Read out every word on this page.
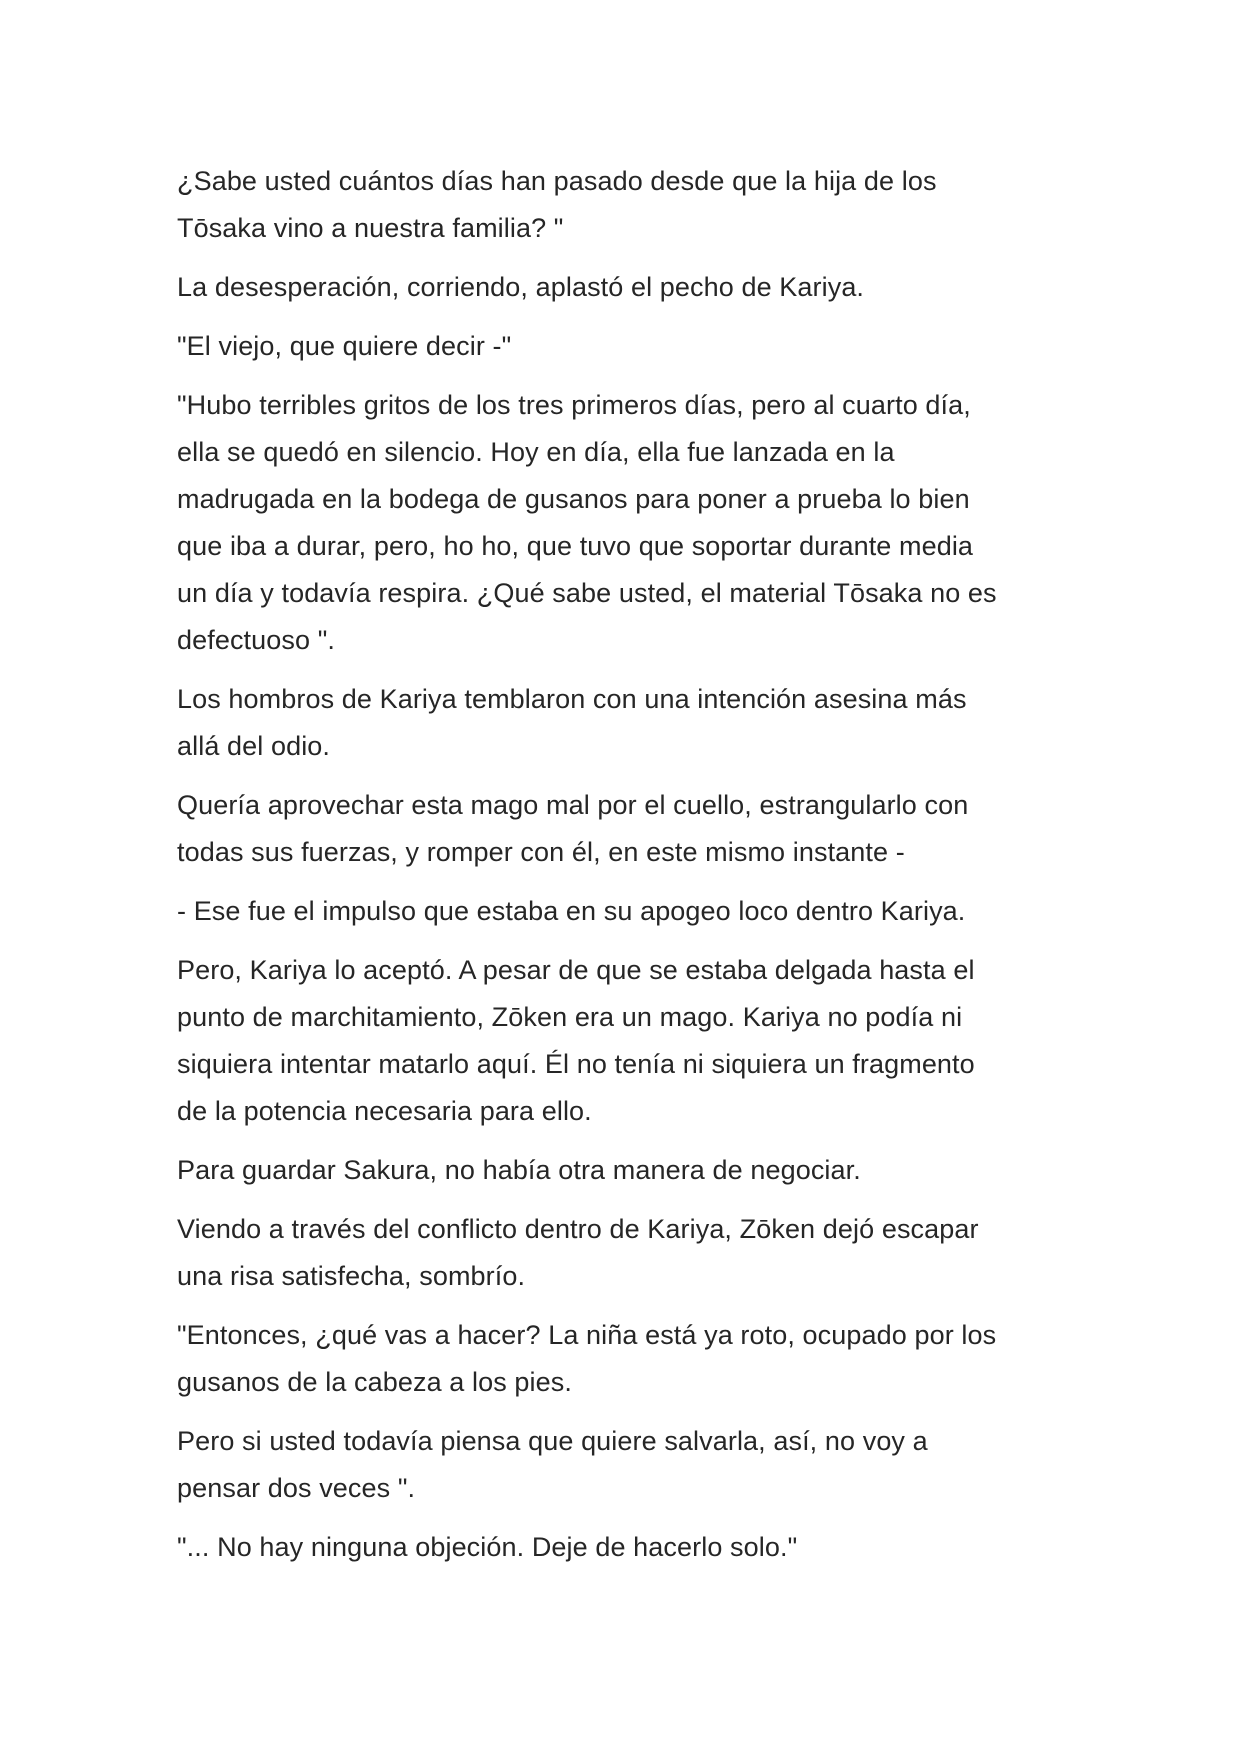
¿Sabe usted cuántos días han pasado desde que la hija de los
Tōsaka vino a nuestra familia? "

La desesperación, corriendo, aplastó el pecho de Kariya.

"El viejo, que quiere decir -"

"Hubo terribles gritos de los tres primeros días, pero al cuarto día,
ella se quedó en silencio. Hoy en día, ella fue lanzada en la
madrugada en la bodega de gusanos para poner a prueba lo bien
que iba a durar, pero, ho ho, que tuvo que soportar durante media
un día y todavía respira. ¿Qué sabe usted, el material Tōsaka no es
defectuoso ".

Los hombros de Kariya temblaron con una intención asesina más
allá del odio.

Quería aprovechar esta mago mal por el cuello, estrangularlo con
todas sus fuerzas, y romper con él, en este mismo instante -

- Ese fue el impulso que estaba en su apogeo loco dentro Kariya.

Pero, Kariya lo aceptó. A pesar de que se estaba delgada hasta el
punto de marchitamiento, Zōken era un mago. Kariya no podía ni
siquiera intentar matarlo aquí. Él no tenía ni siquiera un fragmento
de la potencia necesaria para ello.

Para guardar Sakura, no había otra manera de negociar.

Viendo a través del conflicto dentro de Kariya, Zōken dejó escapar
una risa satisfecha, sombrío.

"Entonces, ¿qué vas a hacer? La niña está ya roto, ocupado por los
gusanos de la cabeza a los pies.

Pero si usted todavía piensa que quiere salvarla, así, no voy a
pensar dos veces ".

"... No hay ninguna objeción. Deje de hacerlo solo."
